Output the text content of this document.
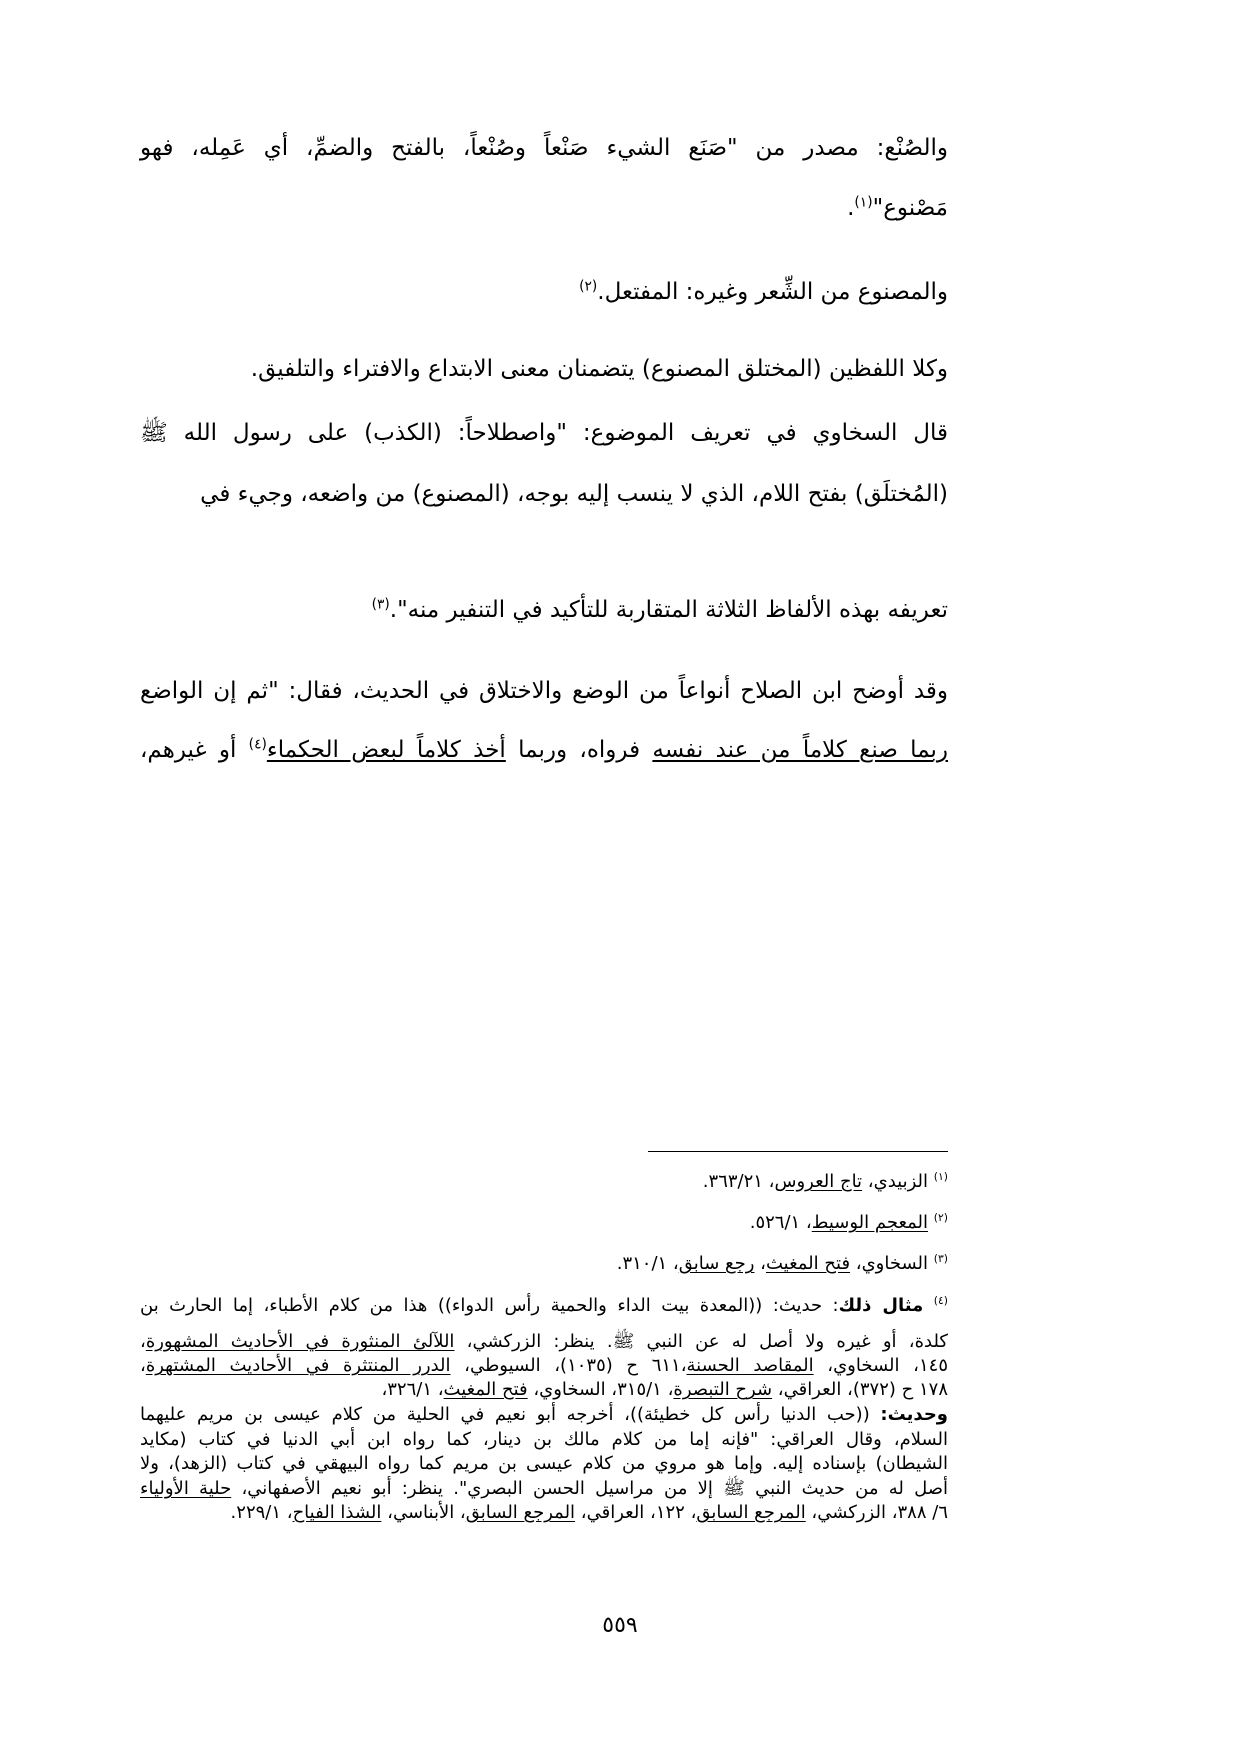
والصُنْع: مصدر من "صَنَع الشيء صَنْعاً وصُنْعاً، بالفتح والضمِّ، أي عَمِله، فهو
مَصْنوع"$^{(١)}$.
والمصنوع من الشِّعر وغيره: المفتعل.$^{(٢)}$
وكلا اللفظين (المختلق المصنوع) يتضمنان معنى الابتداع والافتراء والتلفيق.
قال السخاوي في تعريف الموضوع: "واصطلاحاً: (الكذب) على رسول الله ﷺ
(المُختلَق) بفتح اللام، الذي لا ينسب إليه بوجه، (المصنوع) من واضعه، وجيء في
تعريفه بهذه الألفاظ الثلاثة المتقاربة للتأكيد في التنفير منه".$^{(٣)}$
وقد أوضح ابن الصلاح أنواعاً من الوضع والاختلاق في الحديث، فقال: "ثم إن الواضع
ربما صنع كلاماً من عند نفسه فرواه، وربما أخذ كلاماً لبعض الحكماء$^{(٤)}$ أو غيرهم،
$^{(١)}$ الزبيدي، تاج العروس، ٣٦٣/٢١.
$^{(٢)}$ المعجم الوسيط، ٥٢٦/١.
$^{(٣)}$ السخاوي، فتح المغيث، رجع سابق، ٣١٠/١.
$^{(٤)}$ مثال ذلك: حديث: ((المعدة بيت الداء والحمية رأس الدواء)) هذا من كلام الأطباء، إما الحارث بن
كلدة، أو غيره ولا أصل له عن النبي ﷺ. ينظر: الزركشي، اللآلئ المنثورة في الأحاديث المشهورة،
١٤٥، السخاوي، المقاصد الحسنة،٦١١ ح (١٠٣٥)، السيوطي، الدرر المنتثرة في الأحاديث المشتهرة،
١٧٨ ح (٣٧٢)، العراقي، شرح التبصرة، ٣١٥/١، السخاوي، فتح المغيث، ٣٢٦/١،
وحديث: ((حب الدنيا رأس كل خطيئة))، أخرجه أبو نعيم في الحلية من كلام عيسى بن مريم عليهما
السلام، وقال العراقي: "فإنه إما من كلام مالك بن دينار، كما رواه ابن أبي الدنيا في كتاب (مكايد
الشيطان) بإسناده إليه. وإما هو مروي من كلام عيسى بن مريم كما رواه البيهقي في كتاب (الزهد)، ولا
أصل له من حديث النبي ﷺ إلا من مراسيل الحسن البصري". ينظر: أبو نعيم الأصفهاني، حلية الأولياء
٦/ ٣٨٨، الزركشي، المرجع السابق، ١٢٢، العراقي، المرجع السابق، الأبناسي، الشذا الفياح، ٢٢٩/١.
٥٥٩
